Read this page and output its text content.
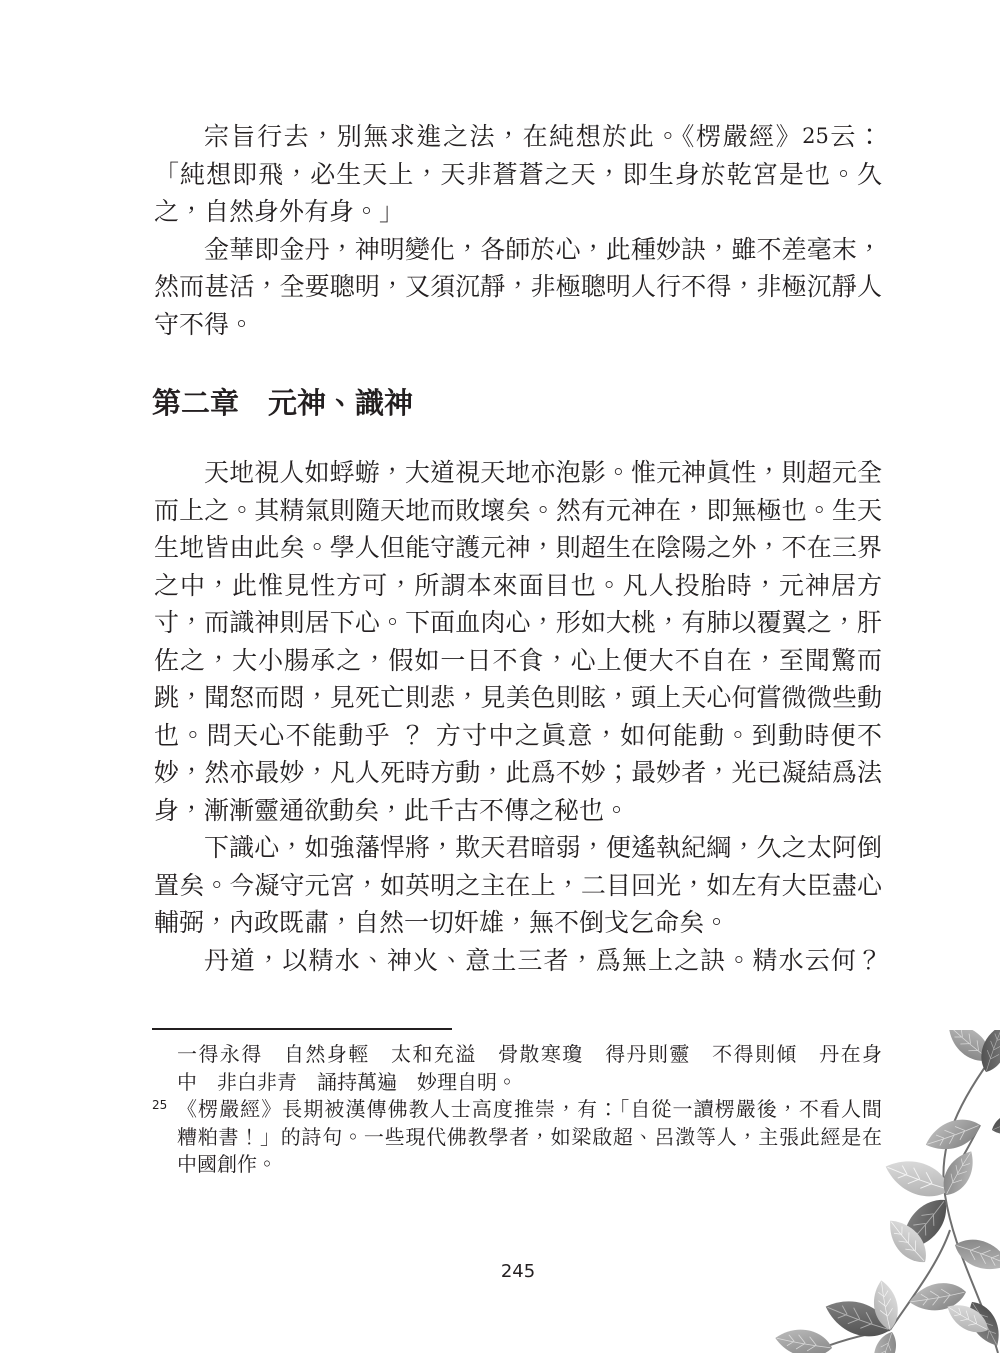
宗旨行去，別無求進之法，在純想於此。《楞嚴經》25云：
「純想即飛，必生天上，天非蒼蒼之天，即生身於乾宮是也。久
之，自然身外有身。」
金華即金丹，神明變化，各師於心，此種妙訣，雖不差毫末，
然而甚活，全要聰明，又須沉靜，非極聰明人行不得，非極沉靜人
守不得。
第二章　元神、識神
天地視人如蜉蝣，大道視天地亦泡影。惟元神眞性，則超元全
而上之。其精氣則隨天地而敗壞矣。然有元神在，即無極也。生天
生地皆由此矣。學人但能守護元神，則超生在陰陽之外，不在三界
之中，此惟見性方可，所謂本來面目也。凡人投胎時，元神居方
寸，而識神則居下心。下面血肉心，形如大桃，有肺以覆翼之，肝
佐之，大小腸承之，假如一日不食，心上便大不自在，至聞驚而
跳，聞怒而悶，見死亡則悲，見美色則眩，頭上天心何嘗微微些動
也。問天心不能動乎 ？ 方寸中之眞意，如何能動。到動時便不
妙，然亦最妙，凡人死時方動，此爲不妙；最妙者，光已凝結爲法
身，漸漸靈通欲動矣，此千古不傳之秘也。
下識心，如強藩悍將，欺天君暗弱，便遙執紀綱，久之太阿倒
置矣。今凝守元宮，如英明之主在上，二目回光，如左有大臣盡心
輔弼，內政既肅，自然一切奸雄，無不倒戈乞命矣。
丹道，以精水、神火、意土三者，爲無上之訣。精水云何？
一得永得　自然身輕　太和充溢　骨散寒瓊　得丹則靈　不得則傾　丹在身
中　非白非青　誦持萬遍　妙理自明。
25 《楞嚴經》長期被漢傳佛教人士高度推崇，有：「自從一讀楞嚴後，不看人間
糟粕書！」的詩句。一些現代佛教學者，如梁啟超、呂澂等人，主張此經是在
中國創作。
245
